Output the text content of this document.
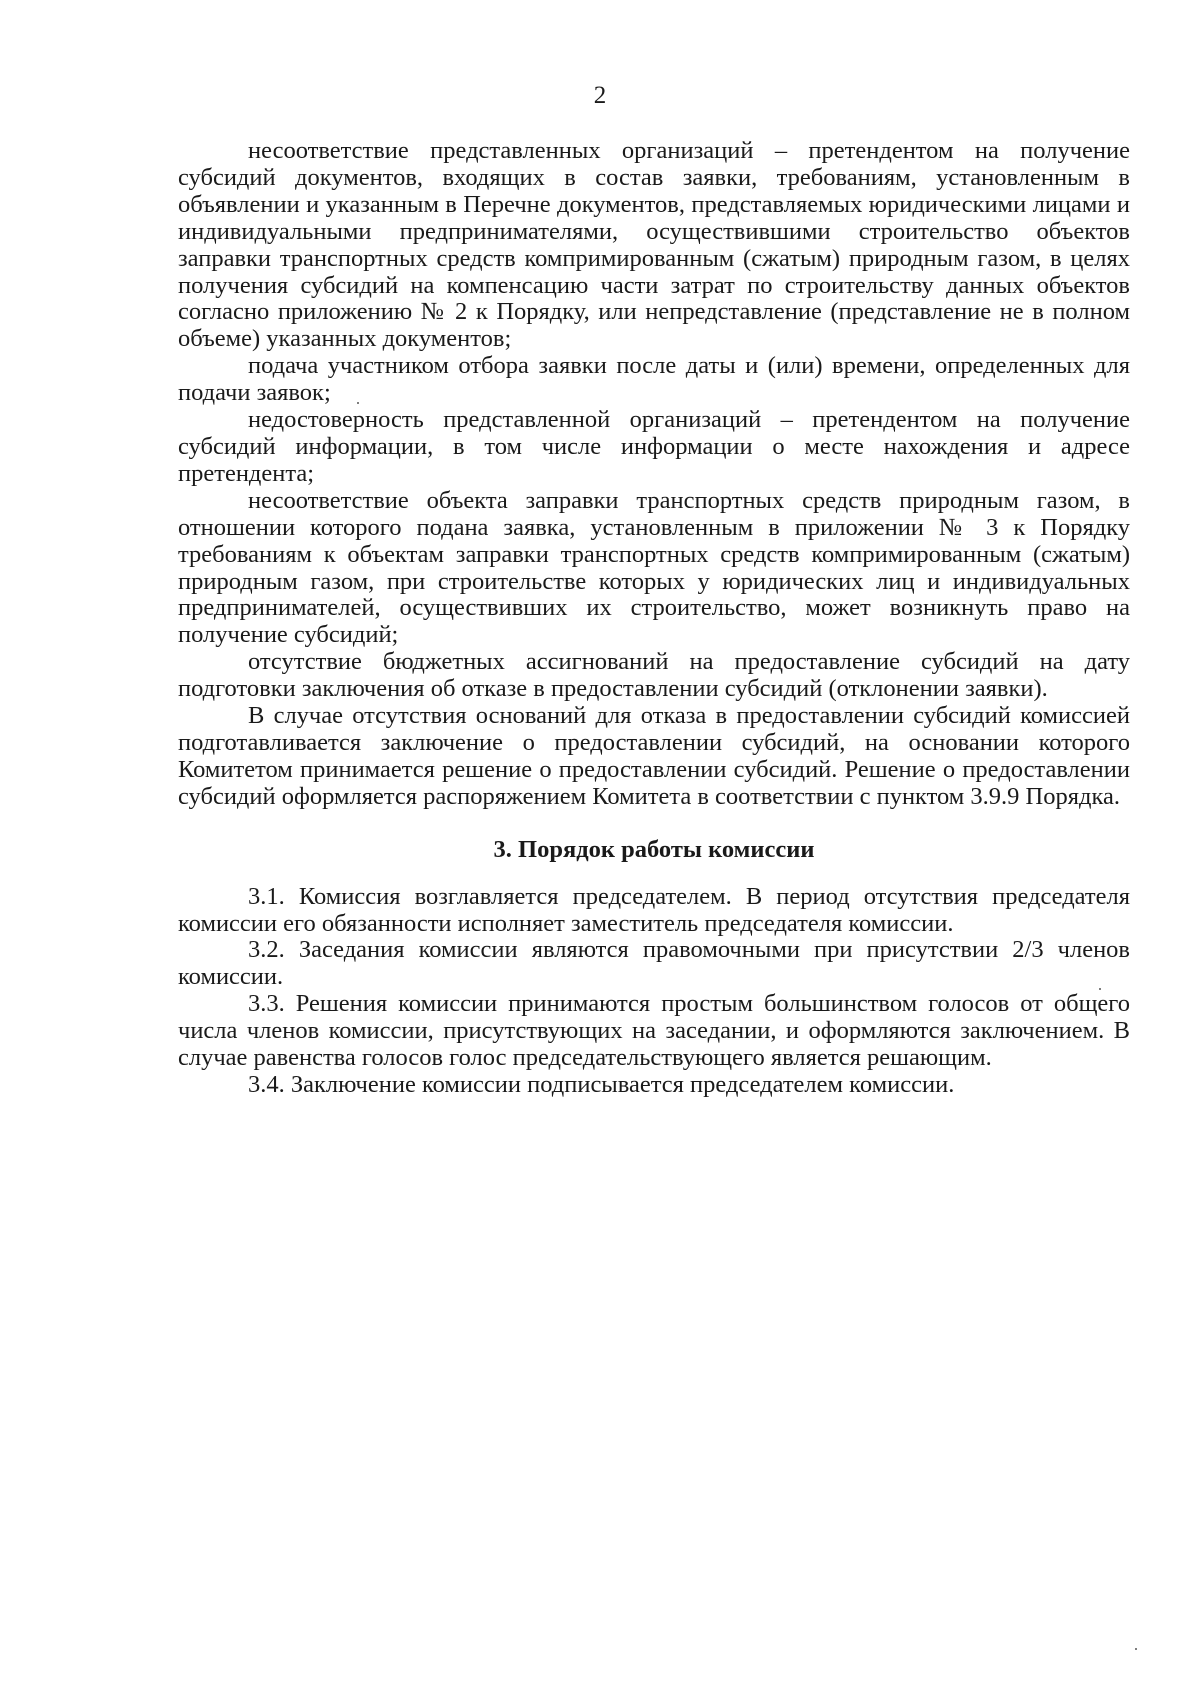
2

несоответствие представленных организаций – претендентом на получение субсидий документов, входящих в состав заявки, требованиям, установленным в объявлении и указанным в Перечне документов, представляемых юридическими лицами и индивидуальными предпринимателями, осуществившими строительство объектов заправки транспортных средств компримированным (сжатым) природным газом, в целях получения субсидий на компенсацию части затрат по строительству данных объектов согласно приложению № 2 к Порядку, или непредставление (представление не в полном объеме) указанных документов;

подача участником отбора заявки после даты и (или) времени, определенных для подачи заявок;

недостоверность представленной организаций – претендентом на получение субсидий информации, в том числе информации о месте нахождения и адресе претендента;

несоответствие объекта заправки транспортных средств природным газом, в отношении которого подана заявка, установленным в приложении № 3 к Порядку требованиям к объектам заправки транспортных средств компримированным (сжатым) природным газом, при строительстве которых у юридических лиц и индивидуальных предпринимателей, осуществивших их строительство, может возникнуть право на получение субсидий;

отсутствие бюджетных ассигнований на предоставление субсидий на дату подготовки заключения об отказе в предоставлении субсидий (отклонении заявки).

В случае отсутствия оснований для отказа в предоставлении субсидий комиссией подготавливается заключение о предоставлении субсидий, на основании которого Комитетом принимается решение о предоставлении субсидий. Решение о предоставлении субсидий оформляется распоряжением Комитета в соответствии с пунктом 3.9.9 Порядка.

3. Порядок работы комиссии

3.1. Комиссия возглавляется председателем. В период отсутствия председателя комиссии его обязанности исполняет заместитель председателя комиссии.

3.2. Заседания комиссии являются правомочными при присутствии 2/3 членов комиссии.

3.3. Решения комиссии принимаются простым большинством голосов от общего числа членов комиссии, присутствующих на заседании, и оформляются заключением. В случае равенства голосов голос председательствующего является решающим.

3.4. Заключение комиссии подписывается председателем комиссии.
